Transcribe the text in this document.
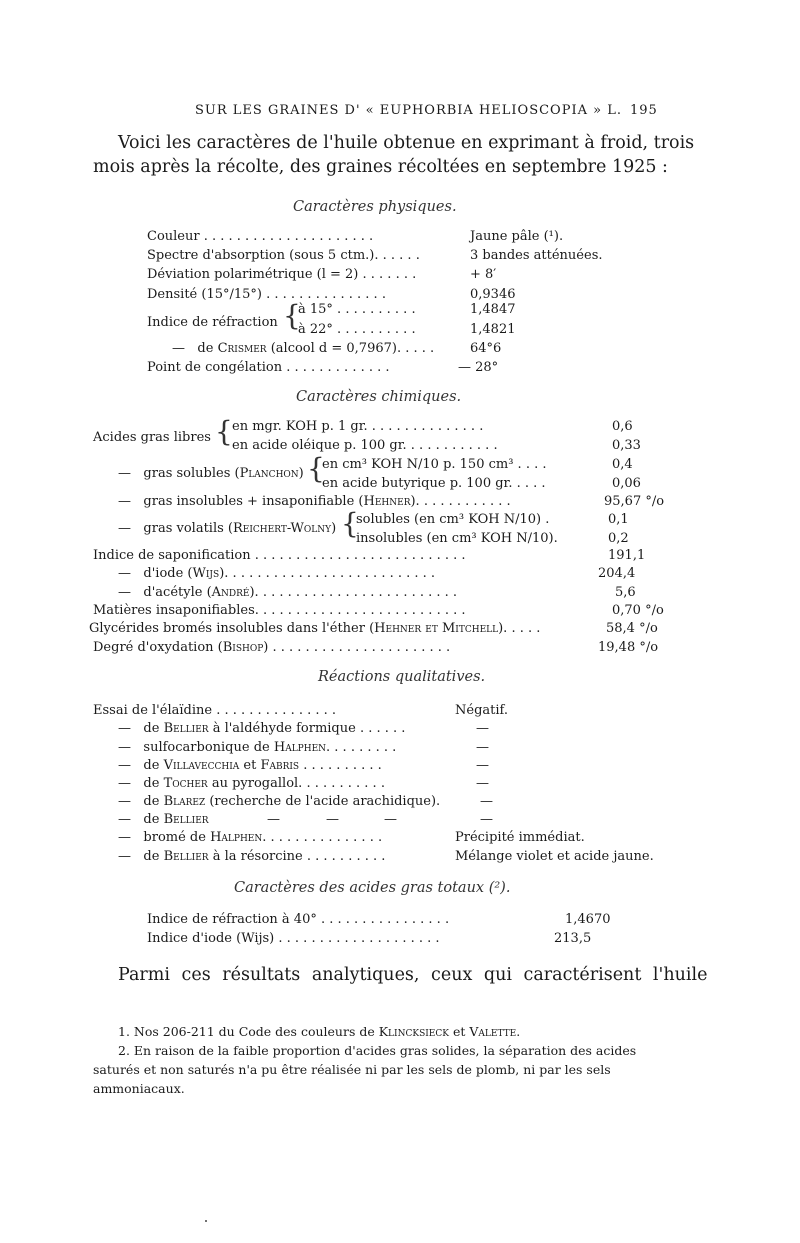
SUR LES GRAINES D' « EUPHORBIA HELIOSCOPIA » L. 195
Voici les caractères de l'huile obtenue en exprimant à froid, trois
mois après la récolte, des graines récoltées en septembre 1925 :
Caractères physiques.
Couleur . . . . . . . . . . . . . . . . . . . . .	Jaune pâle (¹).
Spectre d'absorption (sous 5 ctm.). . . . . .	3 bandes atténuées.
Déviation polarimétrique (l = 2) . . . . . . .	+ 8′
Densité (15°/15°) . . . . . . . . . . . . . . .	0,9346
Indice de réfraction {
à 15° . . . . . . . . . .	1,4847
à 22° . . . . . . . . . .	1,4821
— de Crismer (alcool d = 0,7967). . . . .	64°6
Point de congélation . . . . . . . . . . . . .	— 28°
Caractères chimiques.
Acides gras libres { en mgr. KOH p. 1 gr. . . . . . . . . . . . . . .	0,6
en acide oléique p. 100 gr. . . . . . . . . . . .	0,33
— gras solubles (Planchon) {
en cm³ KOH N/10 p. 150 cm³ . . . .	0,4
en acide butyrique p. 100 gr. . . . .	0,06
— gras insolubles + insaponifiable (Hehner). . . . . . . . . . . .	95,67 °/o
— gras volatils (Reichert-Wolny) {
solubles (en cm³ KOH N/10) .	0,1
insolubles (en cm³ KOH N/10).	0,2
Indice de saponification . . . . . . . . . . . . . . . . . . . . . . . . . .	191,1
— d'iode (Wijs). . . . . . . . . . . . . . . . . . . . . . . . . .	204,4
— d'acétyle (André). . . . . . . . . . . . . . . . . . . . . . . . .	5,6
Matières insaponifiables. . . . . . . . . . . . . . . . . . . . . . . . . .	0,70 °/o
Glycérides bromés insolubles dans l'éther (Hehner et Mitchell). . . . .	58,4 °/o
Degré d'oxydation (Bishop) . . . . . . . . . . . . . . . . . . . . . .	19,48 °/o
Réactions qualitatives.
Essai de l'élaïdine . . . . . . . . . . . . . . .	Négatif.
— de Bellier à l'aldéhyde formique . . . . . .	—
— sulfocarbonique de Halphen. . . . . . . . .	—
— de Villavecchia et Fabris . . . . . . . . . .	—
— de Tocher au pyrogallol. . . . . . . . . . .	—
— de Blarez (recherche de l'acide arachidique).	—
— de Bellier	—	—	—	—
— bromé de Halphen. . . . . . . . . . . . . . .	Précipité immédiat.
— de Bellier à la résorcine . . . . . . . . . .	Mélange violet et acide jaune.
Caractères des acides gras totaux (²).
Indice de réfraction à 40° . . . . . . . . . . . . . . . .	1,4670
Indice d'iode (Wijs) . . . . . . . . . . . . . . . . . . . .	213,5
Parmi ces résultats analytiques, ceux qui caractérisent l'huile
1. Nos 206-211 du Code des couleurs de Klincksieck et Valette.
2. En raison de la faible proportion d'acides gras solides, la séparation des acides
saturés et non saturés n'a pu être réalisée ni par les sels de plomb, ni par les sels
ammoniacaux.
